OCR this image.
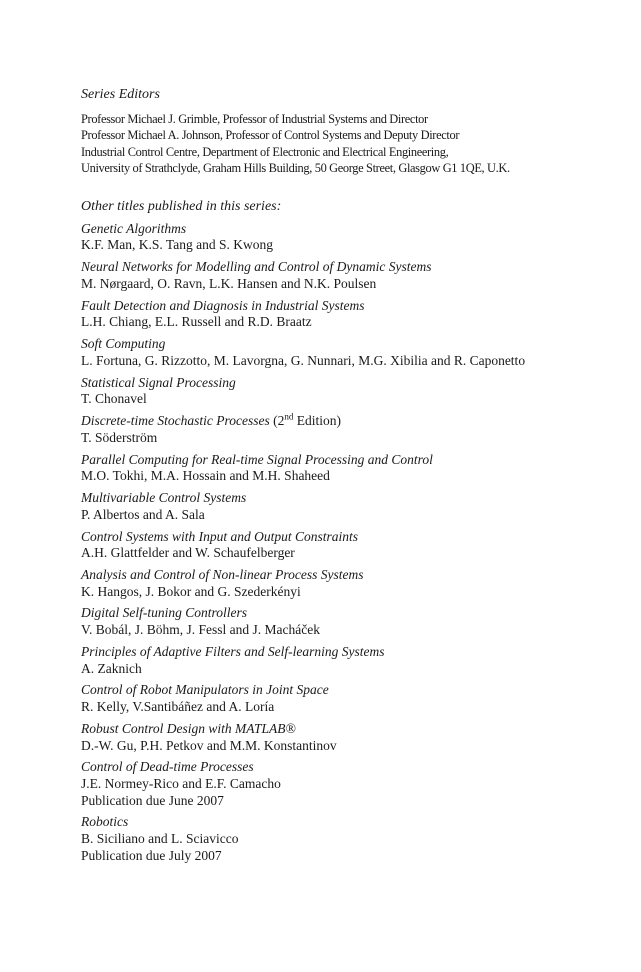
Series Editors
Professor Michael J. Grimble, Professor of Industrial Systems and Director
Professor Michael A. Johnson, Professor of Control Systems and Deputy Director
Industrial Control Centre, Department of Electronic and Electrical Engineering,
University of Strathclyde, Graham Hills Building, 50 George Street, Glasgow G1 1QE, U.K.
Other titles published in this series:
Genetic Algorithms
K.F. Man, K.S. Tang and S. Kwong
Neural Networks for Modelling and Control of Dynamic Systems
M. Nørgaard, O. Ravn, L.K. Hansen and N.K. Poulsen
Fault Detection and Diagnosis in Industrial Systems
L.H. Chiang, E.L. Russell and R.D. Braatz
Soft Computing
L. Fortuna, G. Rizzotto, M. Lavorgna, G. Nunnari, M.G. Xibilia and R. Caponetto
Statistical Signal Processing
T. Chonavel
Discrete-time Stochastic Processes (2nd Edition)
T. Söderström
Parallel Computing for Real-time Signal Processing and Control
M.O. Tokhi, M.A. Hossain and M.H. Shaheed
Multivariable Control Systems
P. Albertos and A. Sala
Control Systems with Input and Output Constraints
A.H. Glattfelder and W. Schaufelberger
Analysis and Control of Non-linear Process Systems
K. Hangos, J. Bokor and G. Szederkényi
Digital Self-tuning Controllers
V. Bobál, J. Böhm, J. Fessl and J. Macháček
Principles of Adaptive Filters and Self-learning Systems
A. Zaknich
Control of Robot Manipulators in Joint Space
R. Kelly, V.Santibáñez and A. Loría
Robust Control Design with MATLAB®
D.-W. Gu, P.H. Petkov and M.M. Konstantinov
Control of Dead-time Processes
J.E. Normey-Rico and E.F. Camacho
Publication due June 2007
Robotics
B. Siciliano and L. Sciavicco
Publication due July 2007
